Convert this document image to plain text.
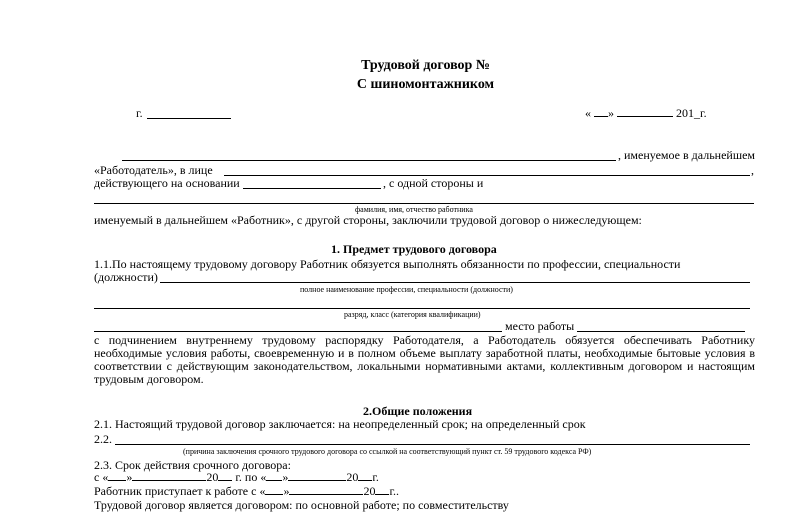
Трудовой договор №
С шиномонтажником
г.	« »	201_г.
, именуемое в дальнейшем
«Работодатель», в лице	,
действующего на основании	, с одной стороны и
фамилия, имя, отчество работника
именуемый в дальнейшем «Работник», с другой стороны, заключили трудовой договор о нижеследующем:
1. Предмет трудового договора
1.1.По настоящему трудовому договору Работник обязуется выполнять обязанности по профессии, специальности
(должности)
полное наименование профессии, специальности (должности)
разряд, класс (категория квалификации)
место работы
с подчинением внутреннему трудовому распорядку Работодателя, а Работодатель обязуется обеспечивать Работнику необходимые условия работы, своевременную и в полном объеме выплату заработной платы, необходимые бытовые условия в соответствии с действующим законодательством, локальными нормативными актами, коллективным договором и настоящим трудовым договором.
2.Общие положения
2.1. Настоящий трудовой договор заключается: на неопределенный срок; на определенный срок
2.2.
(причина заключения срочного трудового договора со ссылкой на соответствующий пункт ст. 59 трудового кодекса РФ)
2.3. Срок действия срочного договора:
с « »	20 г. по « »	20 г.
Работник приступает к работе с « »	20 г..
Трудовой договор является договором: по основной работе; по совместительству
